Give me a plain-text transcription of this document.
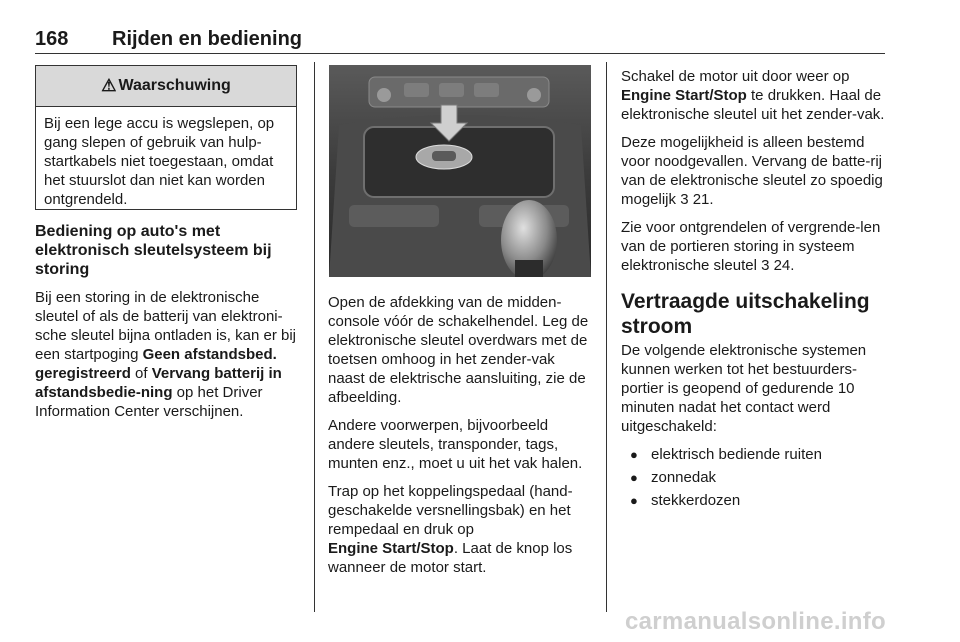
168 Rijden en bediening
⚠ Waarschuwing
Bij een lege accu is wegslepen, op gang slepen of gebruik van hulp-startkabels niet toegestaan, omdat het stuurslot dan niet kan worden ontgrendeld.
Bediening op auto's met elektronisch sleutelsysteem bij storing

Bij een storing in de elektronische sleutel of als de batterij van elektroni-sche sleutel bijna ontladen is, kan er bij een startpoging Geen afstandsbed. geregistreerd of Vervang batterij in afstandsbedie-ning op het Driver Information Center verschijnen.

Open de afdekking van de midden-console vóór de schakelhendel. Leg de elektronische sleutel overdwars met de toetsen omhoog in het zender-vak naast de elektrische aansluiting, zie de afbeelding.

Andere voorwerpen, bijvoorbeeld andere sleutels, transponder, tags, munten enz., moet u uit het vak halen.

Trap op het koppelingspedaal (hand-geschakelde versnellingsbak) en het rempedaal en druk op
Engine Start/Stop. Laat de knop los wanneer de motor start.

Schakel de motor uit door weer op Engine Start/Stop te drukken. Haal de elektronische sleutel uit het zender-vak.

Deze mogelijkheid is alleen bestemd voor noodgevallen. Vervang de batte-rij van de elektronische sleutel zo spoedig mogelijk 3 21.

Zie voor ontgrendelen of vergrende-len van de portieren storing in systeem elektronische sleutel 3 24.

Vertraagde uitschakeling stroom

De volgende elektronische systemen kunnen werken tot het bestuurders-portier is geopend of gedurende 10 minuten nadat het contact werd uitgeschakeld:

● elektrisch bediende ruiten
● zonnedak
● stekkerdozen
carmanualsonline.info
